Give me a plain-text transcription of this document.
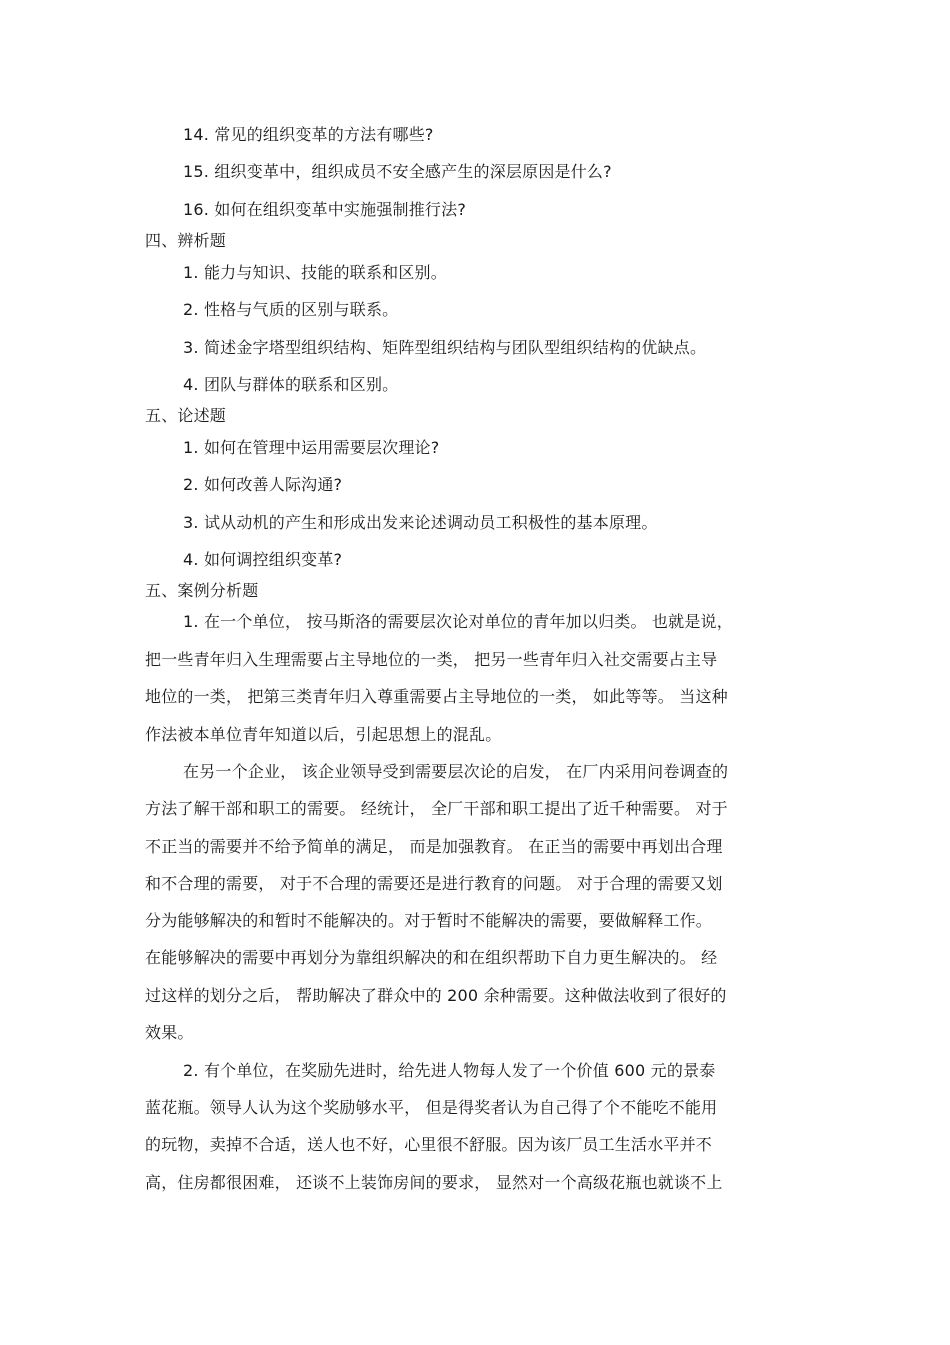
14. 常见的组织变革的方法有哪些?
15. 组织变革中，组织成员不安全感产生的深层原因是什么?
16. 如何在组织变革中实施强制推行法?
四、辨析题
1. 能力与知识、技能的联系和区别。
2. 性格与气质的区别与联系。
3. 简述金字塔型组织结构、矩阵型组织结构与团队型组织结构的优缺点。
4. 团队与群体的联系和区别。
五、论述题
1. 如何在管理中运用需要层次理论?
2. 如何改善人际沟通?
3. 试从动机的产生和形成出发来论述调动员工积极性的基本原理。
4. 如何调控组织变革?
五、案例分析题
1. 在一个单位， 按马斯洛的需要层次论对单位的青年加以归类。 也就是说，
把一些青年归入生理需要占主导地位的一类， 把另一些青年归入社交需要占主导
地位的一类， 把第三类青年归入尊重需要占主导地位的一类， 如此等等。 当这种
作法被本单位青年知道以后，引起思想上的混乱。
在另一个企业， 该企业领导受到需要层次论的启发， 在厂内采用问卷调查的
方法了解干部和职工的需要。 经统计， 全厂干部和职工提出了近千种需要。 对于
不正当的需要并不给予简单的满足， 而是加强教育。 在正当的需要中再划出合理
和不合理的需要， 对于不合理的需要还是进行教育的问题。 对于合理的需要又划
分为能够解决的和暂时不能解决的。对于暂时不能解决的需要，要做解释工作。
在能够解决的需要中再划分为靠组织解决的和在组织帮助下自力更生解决的。 经
过这样的划分之后， 帮助解决了群众中的 200 余种需要。这种做法收到了很好的
效果。
2. 有个单位，在奖励先进时，给先进人物每人发了一个价值 600 元的景泰
蓝花瓶。领导人认为这个奖励够水平， 但是得奖者认为自己得了个不能吃不能用
的玩物，卖掉不合适，送人也不好，心里很不舒服。因为该厂员工生活水平并不
高，住房都很困难， 还谈不上装饰房间的要求， 显然对一个高级花瓶也就谈不上
